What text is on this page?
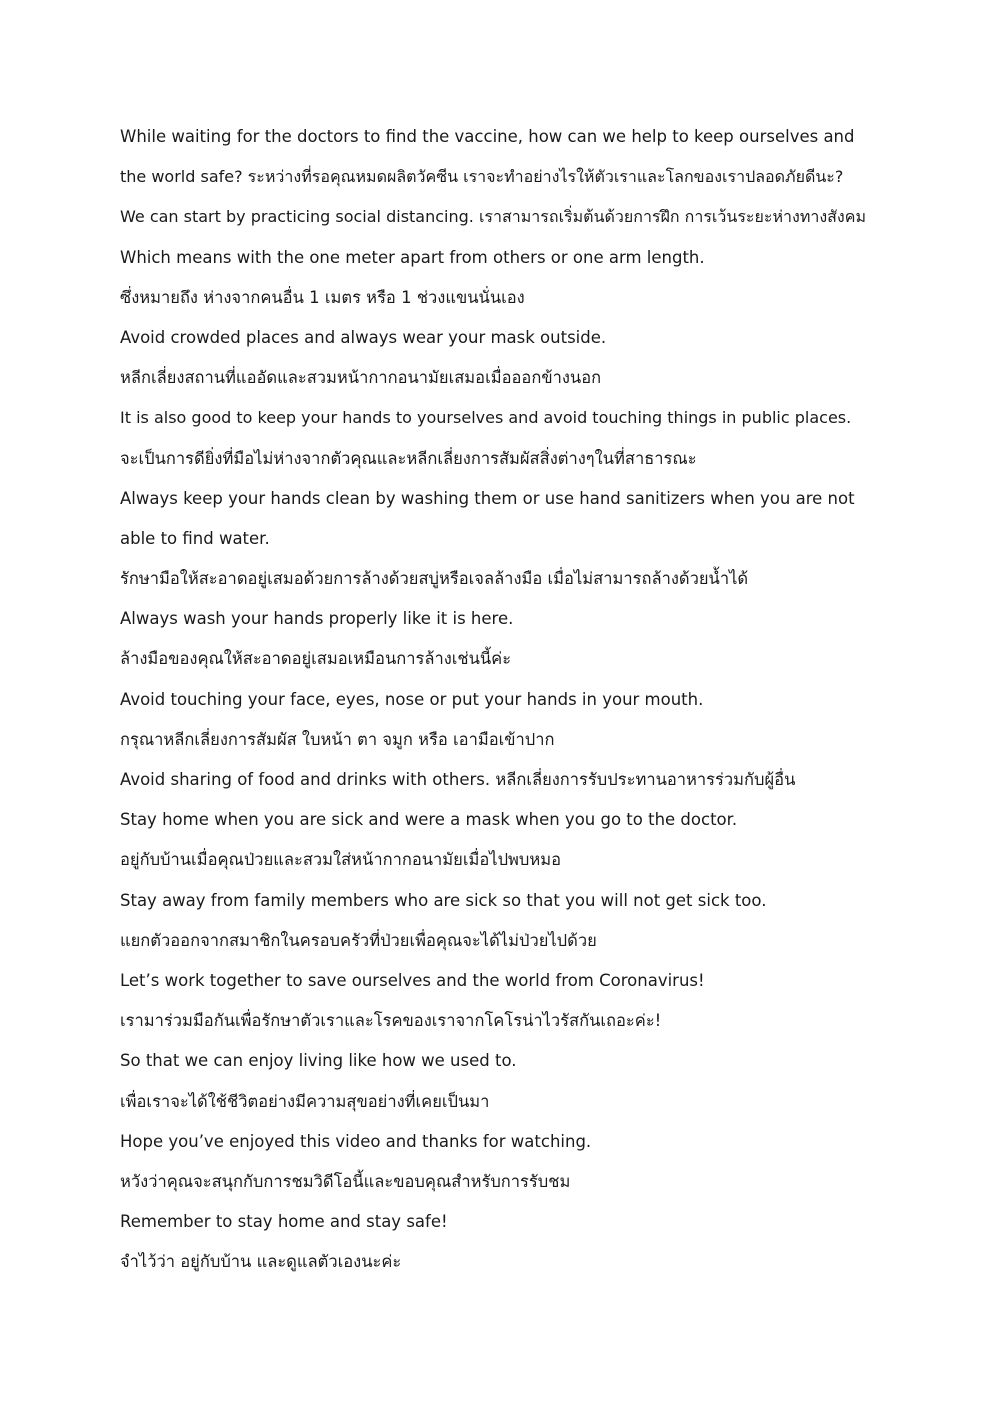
While waiting for the doctors to find the vaccine, how can we help to keep ourselves and
the world safe? ระหว่างที่รอคุณหมดผลิตวัคซีน เราจะทำอย่างไรให้ตัวเราและโลกของเราปลอดภัยดีนะ?
We can start by practicing social distancing. เราสามารถเริ่มต้นด้วยการฝึก การเว้นระยะห่างทางสังคม
Which means with the one meter apart from others or one arm length.
ซึ่งหมายถึง ห่างจากคนอื่น 1 เมตร หรือ 1 ช่วงแขนนั่นเอง
Avoid crowded places and always wear your mask outside.
หลีกเลี่ยงสถานที่แออัดและสวมหน้ากากอนามัยเสมอเมื่อออกข้างนอก
It is also good to keep your hands to yourselves and avoid touching things in public places.
จะเป็นการดียิ่งที่มือไม่ห่างจากตัวคุณและหลีกเลี่ยงการสัมผัสสิ่งต่างๆในที่สาธารณะ
Always keep your hands clean by washing them or use hand sanitizers when you are not
able to find water.
รักษามือให้สะอาดอยู่เสมอด้วยการล้างด้วยสบู่หรือเจลล้างมือ เมื่อไม่สามารถล้างด้วยน้ำได้
Always wash your hands properly like it is here.
ล้างมือของคุณให้สะอาดอยู่เสมอเหมือนการล้างเช่นนี้ค่ะ
Avoid touching your face, eyes, nose or put your hands in your mouth.
กรุณาหลีกเลี่ยงการสัมผัส ใบหน้า ตา จมูก หรือ เอามือเข้าปาก
Avoid sharing of food and drinks with others. หลีกเลี่ยงการรับประทานอาหารร่วมกับผู้อื่น
Stay home when you are sick and were a mask when you go to the doctor.
อยู่กับบ้านเมื่อคุณป่วยและสวมใส่หน้ากากอนามัยเมื่อไปพบหมอ
Stay away from family members who are sick so that you will not get sick too.
แยกตัวออกจากสมาชิกในครอบครัวที่ป่วยเพื่อคุณจะได้ไม่ป่วยไปด้วย
Let’s work together to save ourselves and the world from Coronavirus!
เรามาร่วมมือกันเพื่อรักษาตัวเราและโรคของเราจากโคโรน่าไวรัสกันเถอะค่ะ!
So that we can enjoy living like how we used to.
เพื่อเราจะได้ใช้ชีวิตอย่างมีความสุขอย่างที่เคยเป็นมา
Hope you’ve enjoyed this video and thanks for watching.
หวังว่าคุณจะสนุกกับการชมวิดีโอนี้และขอบคุณสำหรับการรับชม
Remember to stay home and stay safe!
จำไว้ว่า อยู่กับบ้าน และดูแลตัวเองนะค่ะ
